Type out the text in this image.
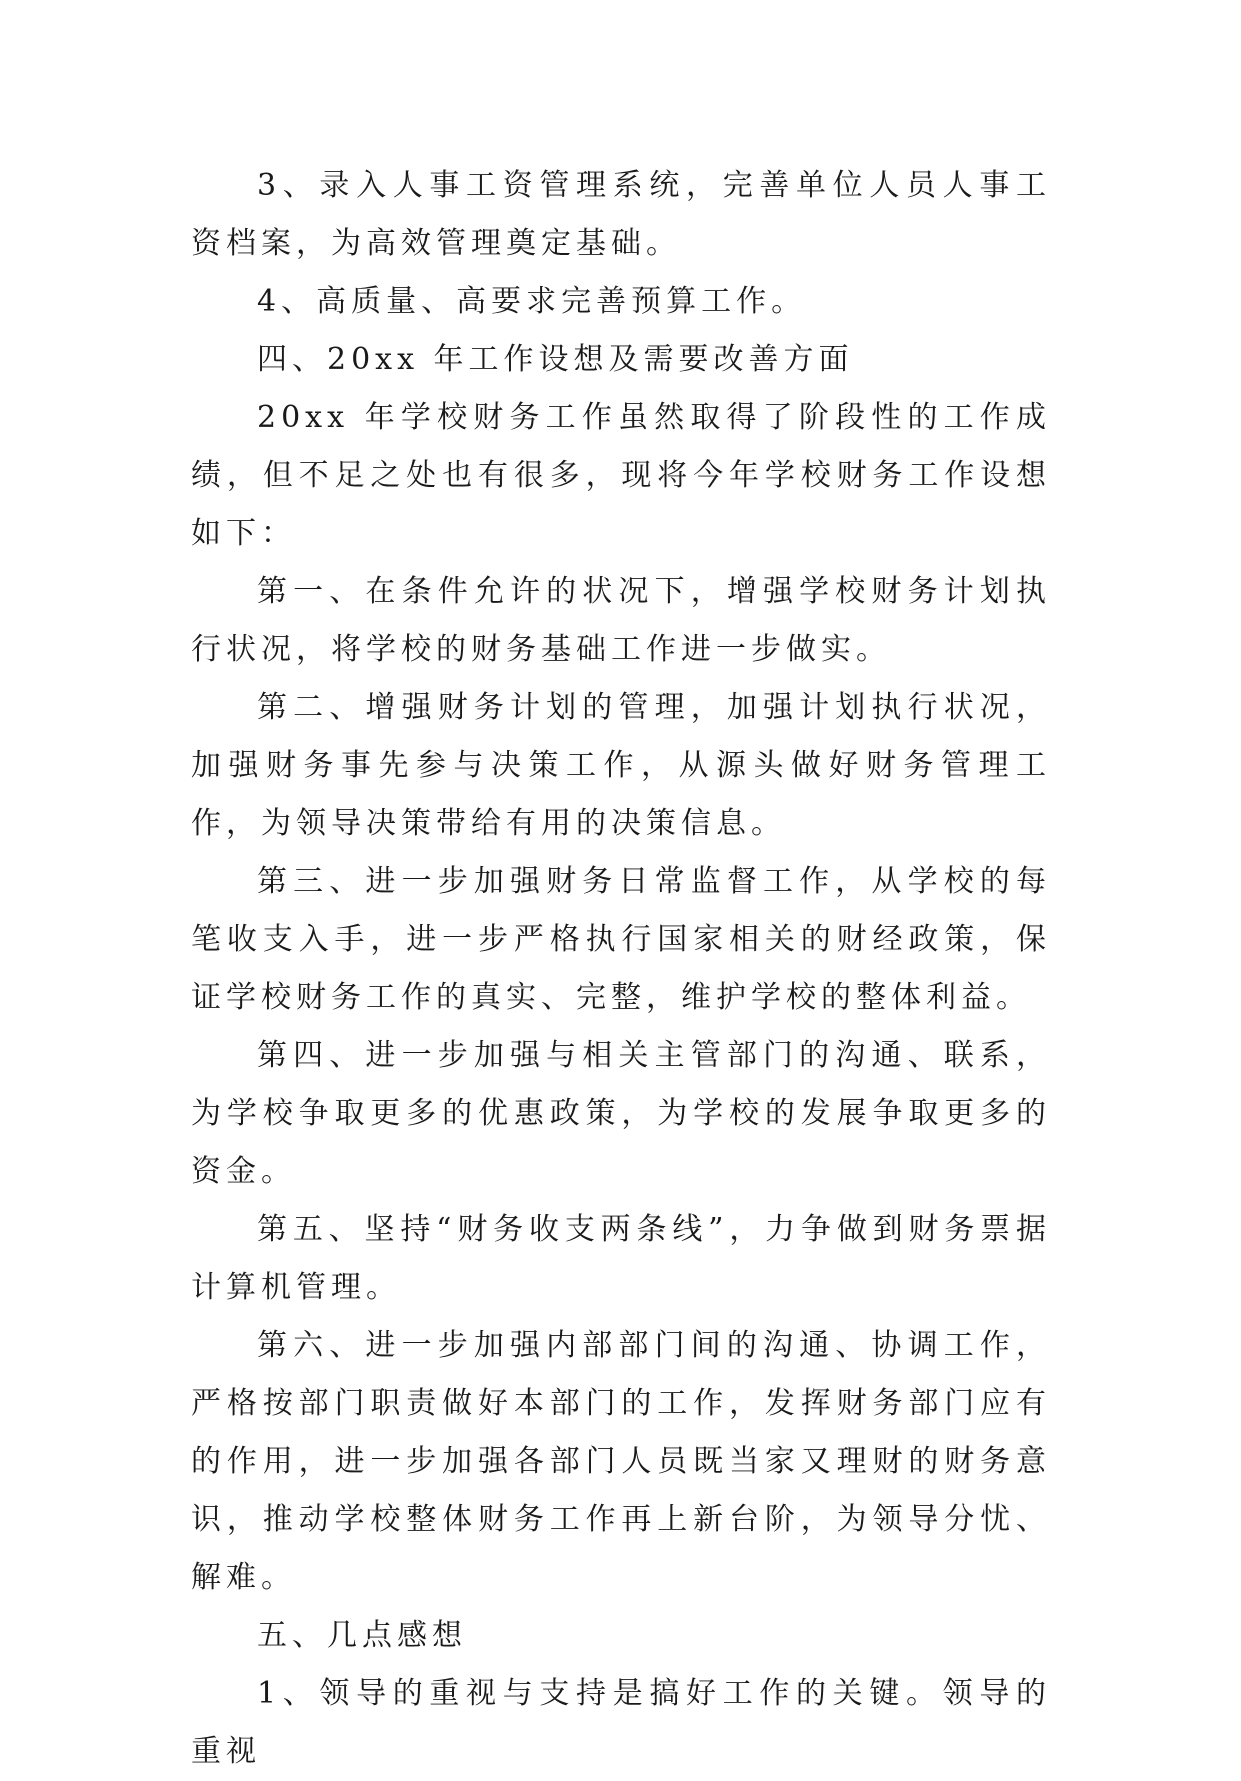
3、录入人事工资管理系统，完善单位人员人事工资档案，为高效管理奠定基础。

4、高质量、高要求完善预算工作。

四、20xx 年工作设想及需要改善方面

20xx 年学校财务工作虽然取得了阶段性的工作成绩，但不足之处也有很多，现将今年学校财务工作设想如下：

第一、在条件允许的状况下，增强学校财务计划执行状况，将学校的财务基础工作进一步做实。

第二、增强财务计划的管理，加强计划执行状况，加强财务事先参与决策工作，从源头做好财务管理工作，为领导决策带给有用的决策信息。

第三、进一步加强财务日常监督工作，从学校的每笔收支入手，进一步严格执行国家相关的财经政策，保证学校财务工作的真实、完整，维护学校的整体利益。

第四、进一步加强与相关主管部门的沟通、联系，为学校争取更多的优惠政策，为学校的发展争取更多的资金。

第五、坚持“财务收支两条线”，力争做到财务票据计算机管理。

第六、进一步加强内部部门间的沟通、协调工作，严格按部门职责做好本部门的工作，发挥财务部门应有的作用，进一步加强各部门人员既当家又理财的财务意识，推动学校整体财务工作再上新台阶，为领导分忧、解难。

五、几点感想

1、领导的重视与支持是搞好工作的关键。领导的重视
